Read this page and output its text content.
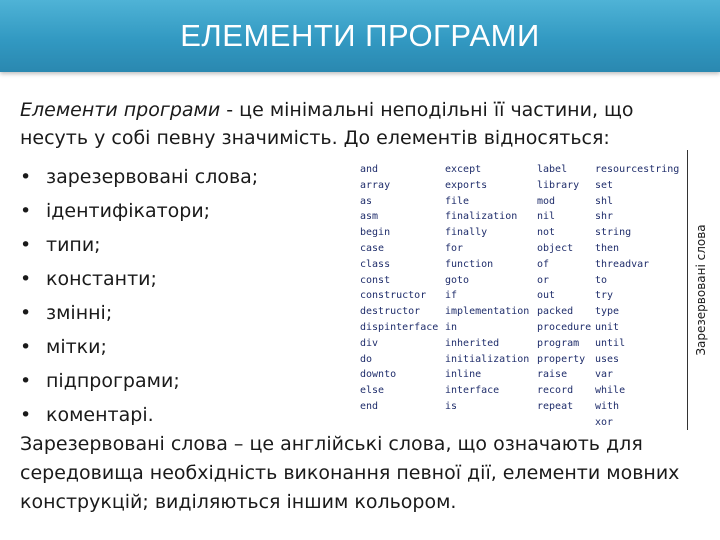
ЕЛЕМЕНТИ ПРОГРАМИ
Елементи програми - це мінімальні неподільні її частини, що несуть у собі певну значимість. До елементів відносяться:
• зарезервовані слова;
• ідентифікатори;
• типи;
• константи;
• змінні;
• мітки;
• підпрограми;
• коментарі.
and	except	label	resourcestring
array	exports	library	set
as	file	mod	shl
asm	finalization	nil	shr
begin	finally	not	string
case	for	object	then
class	function	of	threadvar
const	goto	or	to
constructor	if	out	try
destructor	implementation	packed	type
dispinterface	in	procedure	unit
div	inherited	program	until
do	initialization	property	uses
downto	inline	raise	var
else	interface	record	while
end	is	repeat	with
			xor
Зарезервовані слова
Зарезервовані слова – це англійські слова, що означають для середовища необхідність виконання певної дії, елементи мовних конструкцій; виділяються іншим кольором.
